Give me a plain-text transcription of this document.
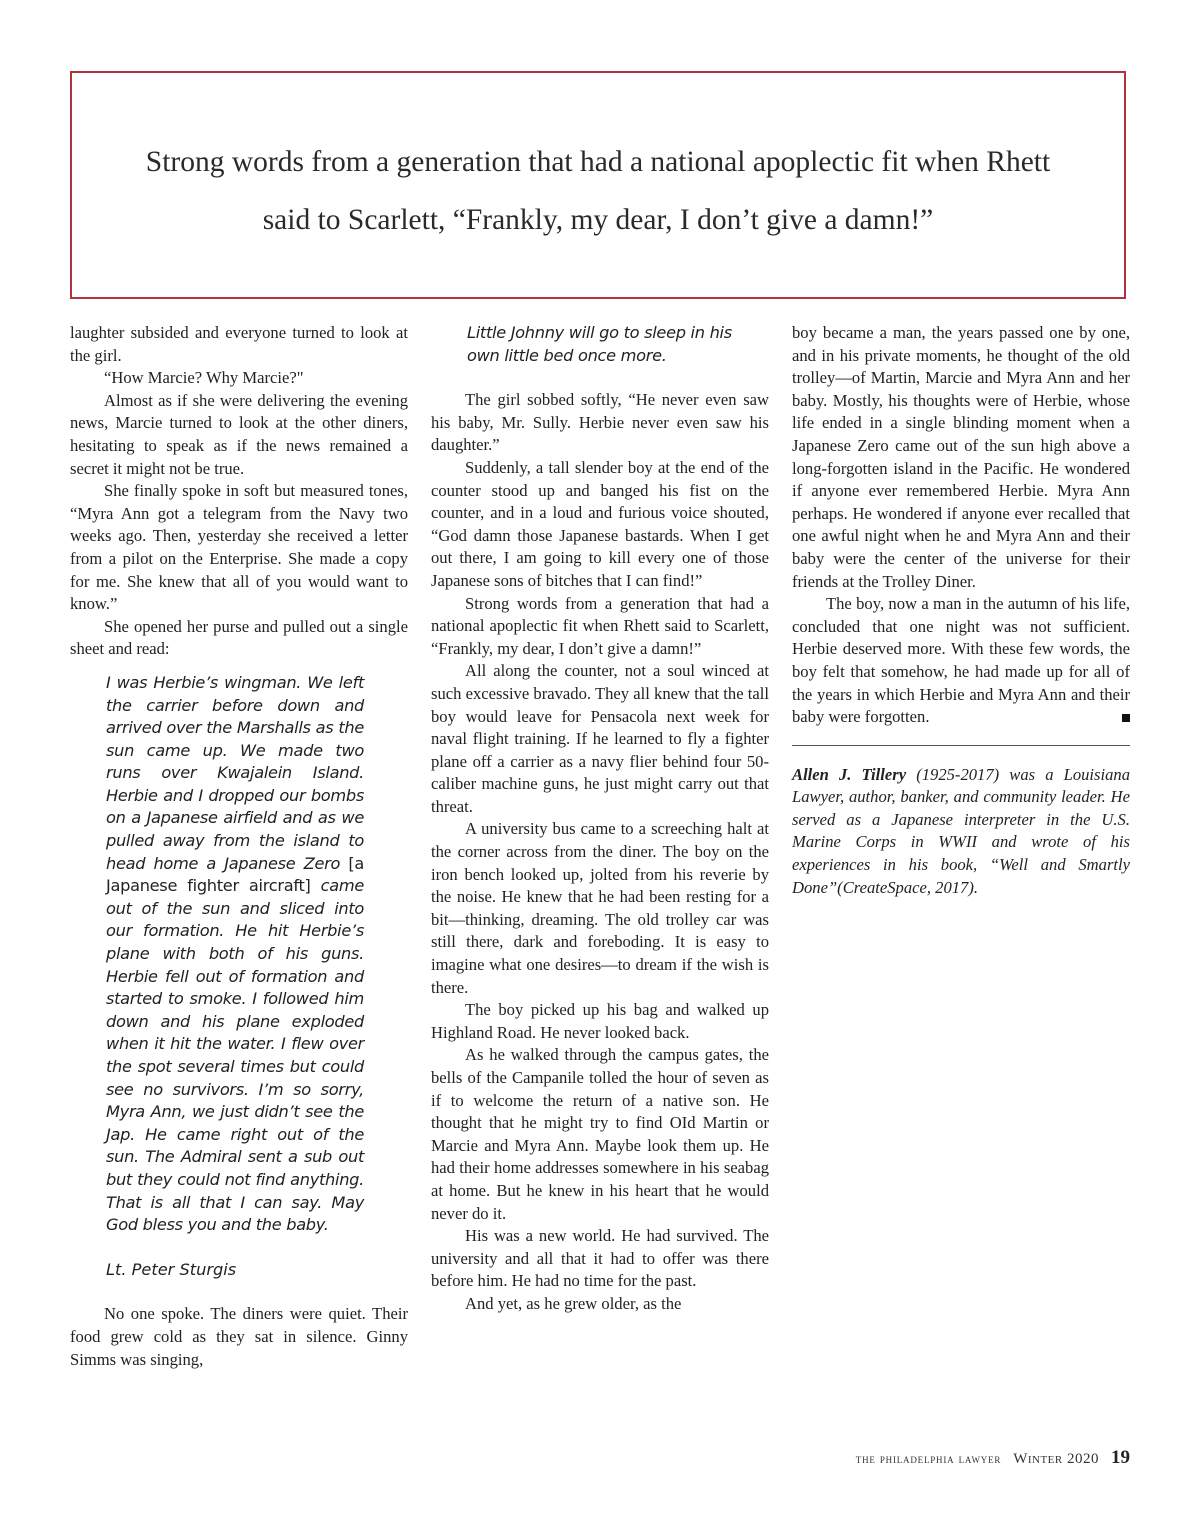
Strong words from a generation that had a national apoplectic fit when Rhett

said to Scarlett, “Frankly, my dear, I don’t give a damn!”

laughter subsided and everyone turned to look at the girl.

“How Marcie? Why Marcie?"

Almost as if she were delivering the evening news, Marcie turned to look at the other diners, hesitating to speak as if the news remained a secret it might not be true.

She finally spoke in soft but measured tones, “Myra Ann got a telegram from the Navy two weeks ago. Then, yesterday she received a letter from a pilot on the Enterprise. She made a copy for me. She knew that all of you would want to know.”

She opened her purse and pulled out a single sheet and read:

I was Herbie’s wingman. We left the carrier before down and arrived over the Marshalls as the sun came up. We made two runs over Kwajalein Island. Herbie and I dropped our bombs on a Japanese airfield and as we pulled away from the island to head home a Japanese Zero [a Japanese fighter aircraft] came out of the sun and sliced into our formation. He hit Herbie’s plane with both of his guns. Herbie fell out of formation and started to smoke. I followed him down and his plane exploded when it hit the water. I flew over the spot several times but could see no survivors. I’m so sorry, Myra Ann, we just didn’t see the Jap. He came right out of the sun. The Admiral sent a sub out but they could not find anything. That is all that I can say. May God bless you and the baby.

Lt. Peter Sturgis

No one spoke. The diners were quiet. Their food grew cold as they sat in silence. Ginny Simms was singing,

Little Johnny will go to sleep in his own little bed once more.

The girl sobbed softly, “He never even saw his baby, Mr. Sully. Herbie never even saw his daughter.”

Suddenly, a tall slender boy at the end of the counter stood up and banged his fist on the counter, and in a loud and furious voice shouted, “God damn those Japanese bastards. When I get out there, I am going to kill every one of those Japanese sons of bitches that I can find!”

Strong words from a generation that had a national apoplectic fit when Rhett said to Scarlett, “Frankly, my dear, I don’t give a damn!”

All along the counter, not a soul winced at such excessive bravado. They all knew that the tall boy would leave for Pensacola next week for naval flight training. If he learned to fly a fighter plane off a carrier as a navy flier behind four 50-caliber machine guns, he just might carry out that threat.

A university bus came to a screeching halt at the corner across from the diner. The boy on the iron bench looked up, jolted from his reverie by the noise. He knew that he had been resting for a bit—thinking, dreaming. The old trolley car was still there, dark and foreboding. It is easy to imagine what one desires—to dream if the wish is there.

The boy picked up his bag and walked up Highland Road. He never looked back.

As he walked through the campus gates, the bells of the Campanile tolled the hour of seven as if to welcome the return of a native son. He thought that he might try to find OId Martin or Marcie and Myra Ann. Maybe look them up. He had their home addresses somewhere in his seabag at home. But he knew in his heart that he would never do it.

His was a new world. He had survived. The university and all that it had to offer was there before him. He had no time for the past.

And yet, as he grew older, as the

boy became a man, the years passed one by one, and in his private moments, he thought of the old trolley—of Martin, Marcie and Myra Ann and her baby. Mostly, his thoughts were of Herbie, whose life ended in a single blinding moment when a Japanese Zero came out of the sun high above a long-forgotten island in the Pacific. He wondered if anyone ever remembered Herbie. Myra Ann perhaps. He wondered if anyone ever recalled that one awful night when he and Myra Ann and their baby were the center of the universe for their friends at the Trolley Diner.

The boy, now a man in the autumn of his life, concluded that one night was not sufficient. Herbie deserved more. With these few words, the boy felt that somehow, he had made up for all of the years in which Herbie and Myra Ann and their baby were forgotten.

Allen J. Tillery (1925-2017) was a Louisiana Lawyer, author, banker, and community leader. He served as a Japanese interpreter in the U.S. Marine Corps in WWII and wrote of his experiences in his book, “Well and Smartly Done”(CreateSpace, 2017).

the philadelphia lawyer Winter 2020 19
